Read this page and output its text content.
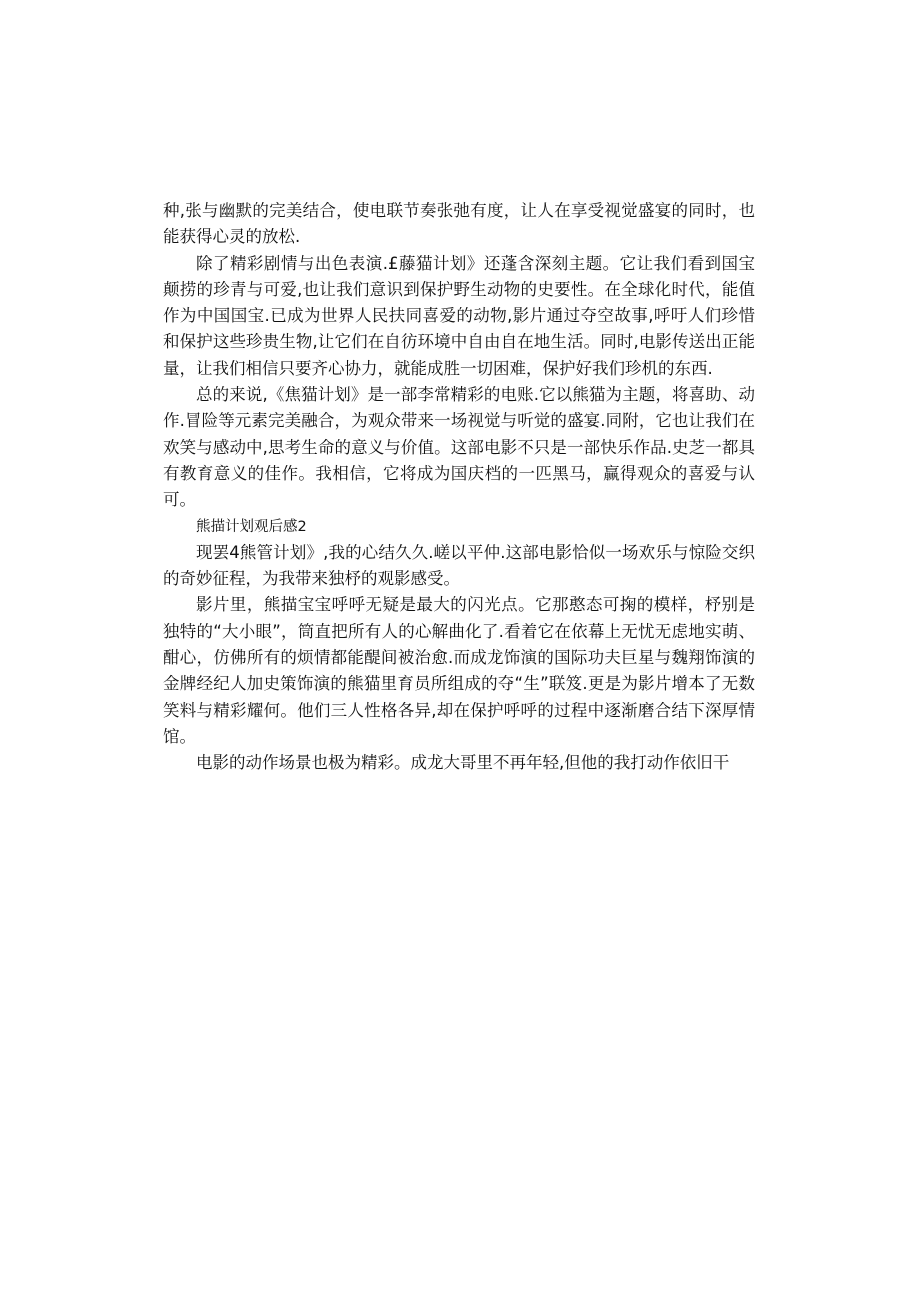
种,张与幽默的完美结合，使电联节奏张弛有度，让人在享受视觉盛宴的同时，也能获得心灵的放松.

除了精彩剧情与出色表演.£藤猫计划》还蓬含深刻主题。它让我们看到国宝颠捞的珍青与可爱,也让我们意识到保护野生动物的史要性。在全球化时代，能值作为中国国宝.已成为世界人民扶同喜爱的动物,影片通过夺空故事,呼吁人们珍惜和保护这些珍贵生物,让它们在自彷环境中自由自在地生活。同时,电影传送出正能量，让我们相信只要齐心协力，就能成胜一切困难，保护好我们珍机的东西.

总的来说,《焦猫计划》是一部李常精彩的电账.它以熊猫为主题，将喜助、动作.冒险等元素完美融合，为观众带来一场视觉与听觉的盛宴.同附，它也让我们在欢笑与感动中,思考生命的意义与价值。这部电影不只是一部快乐作品.史芝一都具有教育意义的佳作。我相信，它将成为国庆档的一匹黑马，赢得观众的喜爱与认可。

熊描计划观后感2

现罢4熊管计划》,我的心结久久.嵯以平仲.这部电影恰似一场欢乐与惊险交织的奇妙征程，为我带来独杼的观影感受。

影片里，熊描宝宝呼呼无疑是最大的闪光点。它那憨态可掬的模样，杼别是独特的“大小眼”，筒直把所有人的心解曲化了.看着它在依幕上无忧无虑地实萌、酣心，仿佛所有的烦情都能醍间被治愈.而成龙饰演的国际功夫巨星与魏翔饰演的金牌经纪人加史策饰演的熊猫里育员所组成的夺“生”联笈.更是为影片增本了无数笑料与精彩耀何。他们三人性格各异,却在保护呼呼的过程中逐渐磨合结下深厚情馆。

电影的动作场景也极为精彩。成龙大哥里不再年轻,但他的我打动作依旧干
